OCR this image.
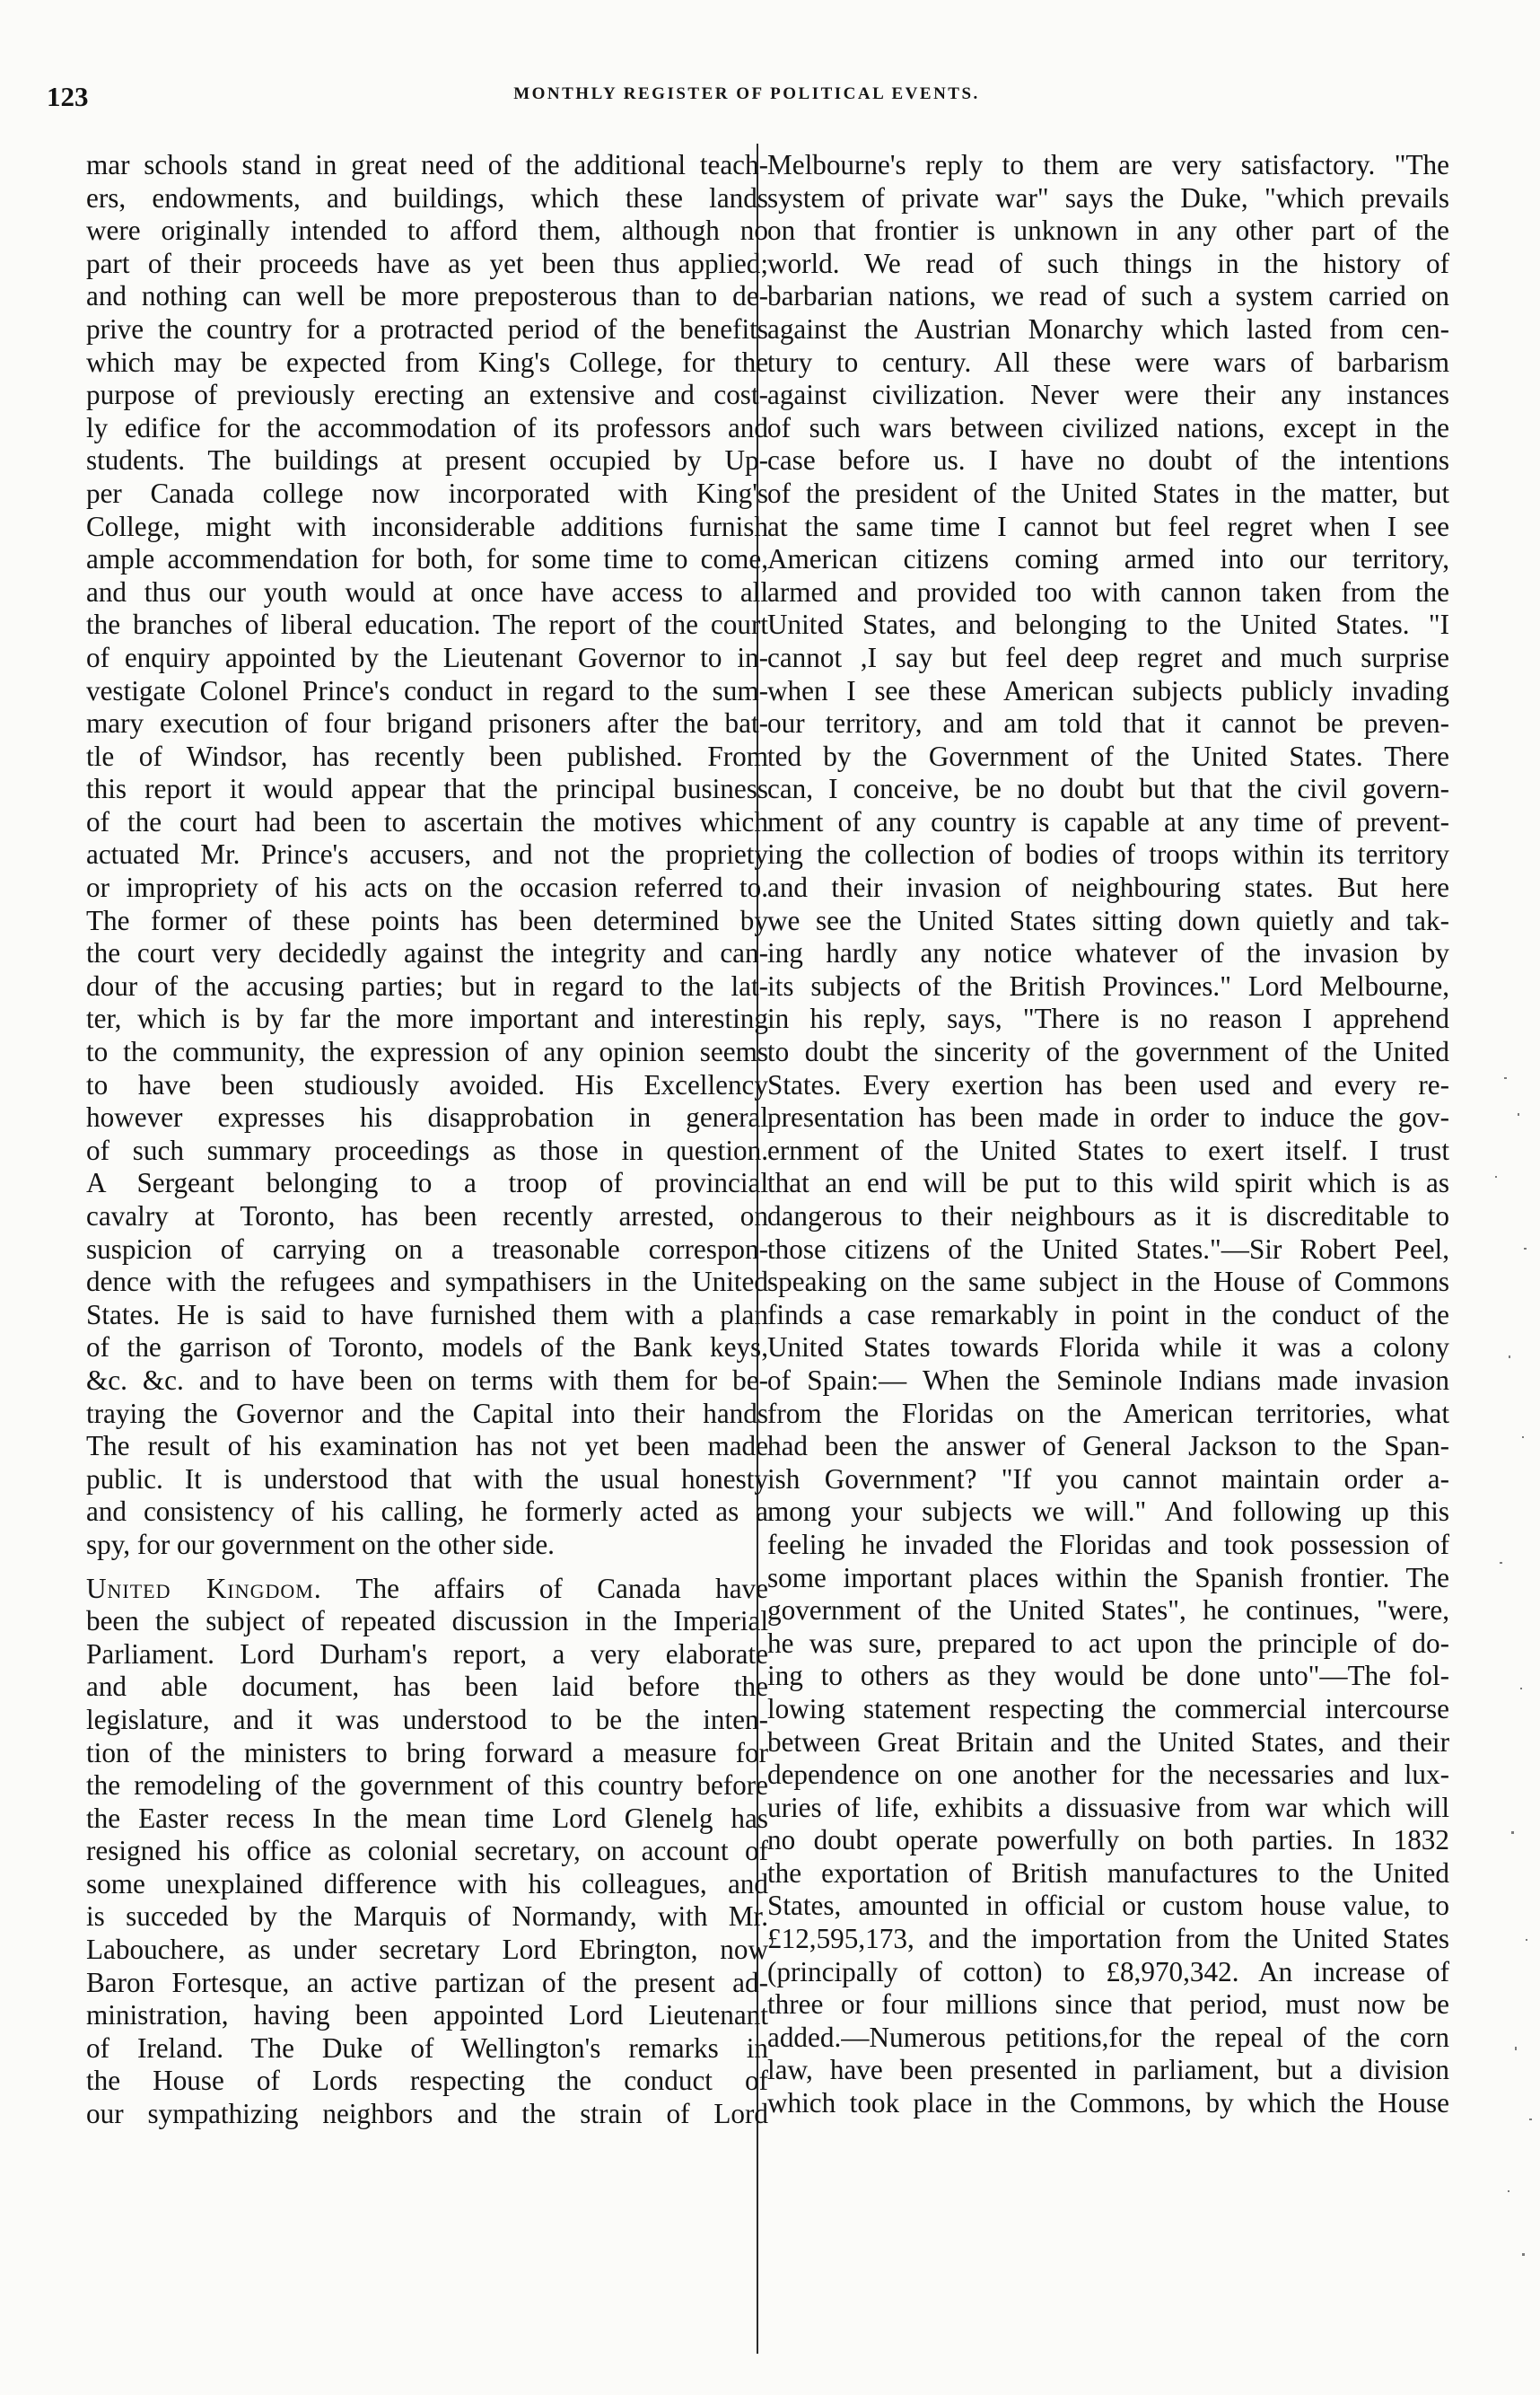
123	MONTHLY REGISTER OF POLITICAL EVENTS.
mar schools stand in great need of the additional teach-
ers, endowments, and buildings, which these lands
were originally intended to afford them, although no
part of their proceeds have as yet been thus applied;
and nothing can well be more preposterous than to de-
prive the country for a protracted period of the benefits
which may be expected from King's College, for the
purpose of previously erecting an extensive and cost-
ly edifice for the accommodation of its professors and
students. The buildings at present occupied by Up-
per Canada college now incorporated with King's
College, might with inconsiderable additions furnish
ample accommendation for both, for some time to come,
and thus our youth would at once have access to all
the branches of liberal education. The report of the court
of enquiry appointed by the Lieutenant Governor to in-
vestigate Colonel Prince's conduct in regard to the sum-
mary execution of four brigand prisoners after the bat-
tle of Windsor, has recently been published. From
this report it would appear that the principal business
of the court had been to ascertain the motives which
actuated Mr. Prince's accusers, and not the propriety
or impropriety of his acts on the occasion referred to.
The former of these points has been determined by
the court very decidedly against the integrity and can-
dour of the accusing parties; but in regard to the lat-
ter, which is by far the more important and interesting
to the community, the expression of any opinion seems
to have been studiously avoided. His Excellency
however expresses his disapprobation in general
of such summary proceedings as those in question.
A Sergeant belonging to a troop of provincial
cavalry at Toronto, has been recently arrested, on
suspicion of carrying on a treasonable correspon-
dence with the refugees and sympathisers in the United
States. He is said to have furnished them with a plan
of the garrison of Toronto, models of the Bank keys,
&c. &c. and to have been on terms with them for be-
traying the Governor and the Capital into their hands
The result of his examination has not yet been made
public. It is understood that with the usual honesty
and consistency of his calling, he formerly acted as a
spy, for our government on the other side.
United Kingdom. The affairs of Canada have
been the subject of repeated discussion in the Imperial
Parliament. Lord Durham's report, a very elaborate
and able document, has been laid before the
legislature, and it was understood to be the inten-
tion of the ministers to bring forward a measure for
the remodeling of the government of this country before
the Easter recess In the mean time Lord Glenelg has
resigned his office as colonial secretary, on account of
some unexplained difference with his colleagues, and
is succeded by the Marquis of Normandy, with Mr.
Labouchere, as under secretary Lord Ebrington, now
Baron Fortesque, an active partizan of the present ad-
ministration, having been appointed Lord Lieutenant
of Ireland. The Duke of Wellington's remarks in
the House of Lords respecting the conduct of
our sympathizing neighbors and the strain of Lord
Melbourne's reply to them are very satisfactory. "The
system of private war" says the Duke, "which prevails
on that frontier is unknown in any other part of the
world. We read of such things in the history of
barbarian nations, we read of such a system carried on
against the Austrian Monarchy which lasted from cen-
tury to century. All these were wars of barbarism
against civilization. Never were their any instances
of such wars between civilized nations, except in the
case before us. I have no doubt of the intentions
of the president of the United States in the matter, but
at the same time I cannot but feel regret when I see
American citizens coming armed into our territory,
armed and provided too with cannon taken from the
United States, and belonging to the United States. "I
cannot ,I say but feel deep regret and much surprise
when I see these American subjects publicly invading
our territory, and am told that it cannot be preven-
ted by the Government of the United States. There
can, I conceive, be no doubt but that the civil govern-
ment of any country is capable at any time of prevent-
ing the collection of bodies of troops within its territory
and their invasion of neighbouring states. But here
we see the United States sitting down quietly and tak-
ing hardly any notice whatever of the invasion by
its subjects of the British Provinces." Lord Melbourne,
in his reply, says, "There is no reason I apprehend
to doubt the sincerity of the government of the United
States. Every exertion has been used and every re-
presentation has been made in order to induce the gov-
ernment of the United States to exert itself. I trust
that an end will be put to this wild spirit which is as
dangerous to their neighbours as it is discreditable to
those citizens of the United States."—Sir Robert Peel,
speaking on the same subject in the House of Commons
finds a case remarkably in point in the conduct of the
United States towards Florida while it was a colony
of Spain:— When the Seminole Indians made invasion
from the Floridas on the American territories, what
had been the answer of General Jackson to the Span-
ish Government? "If you cannot maintain order a-
mong your subjects we will." And following up this
feeling he invaded the Floridas and took possession of
some important places within the Spanish frontier. The
government of the United States", he continues, "were,
he was sure, prepared to act upon the principle of do-
ing to others as they would be done unto"—The fol-
lowing statement respecting the commercial intercourse
between Great Britain and the United States, and their
dependence on one another for the necessaries and lux-
uries of life, exhibits a dissuasive from war which will
no doubt operate powerfully on both parties. In 1832
the exportation of British manufactures to the United
States, amounted in official or custom house value, to
£12,595,173, and the importation from the United States
(principally of cotton) to £8,970,342. An increase of
three or four millions since that period, must now be
added.—Numerous petitions,for the repeal of the corn
law, have been presented in parliament, but a division
which took place in the Commons, by which the House
